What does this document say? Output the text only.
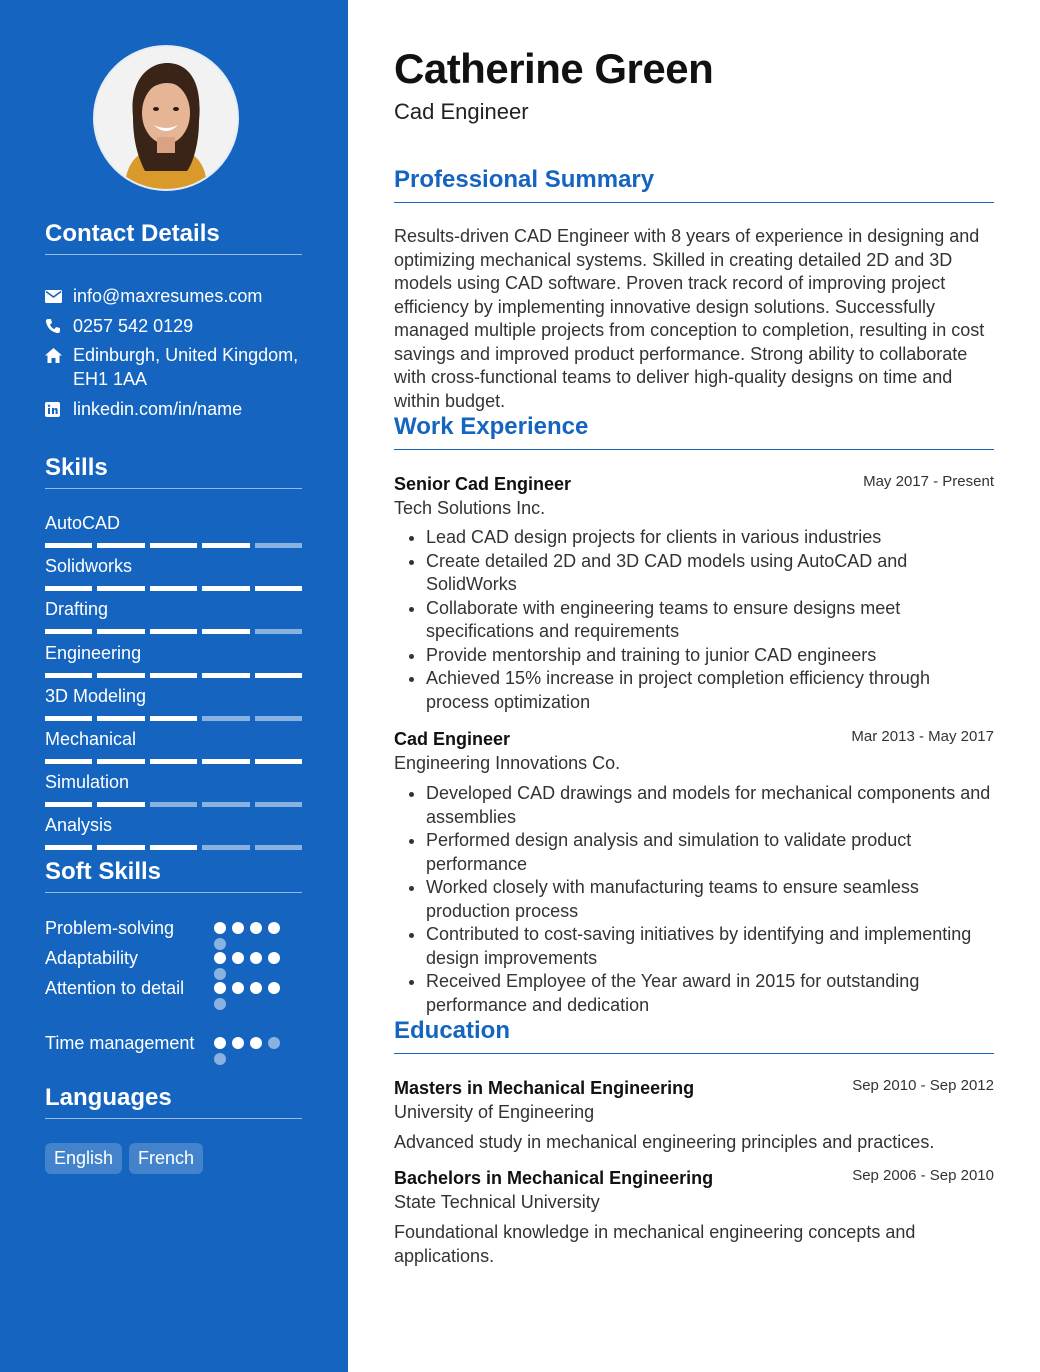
Contact Details
info@maxresumes.com
0257 542 0129
Edinburgh, United Kingdom, EH1 1AA
linkedin.com/in/name
Skills
AutoCAD
Solidworks
Drafting
Engineering
3D Modeling
Mechanical
Simulation
Analysis
Soft Skills
Problem-solving
Adaptability
Attention to detail
Time management
Languages
English	French
Catherine Green
Cad Engineer
Professional Summary
Results-driven CAD Engineer with 8 years of experience in designing and optimizing mechanical systems. Skilled in creating detailed 2D and 3D models using CAD software. Proven track record of improving project efficiency by implementing innovative design solutions. Successfully managed multiple projects from conception to completion, resulting in cost savings and improved product performance. Strong ability to collaborate with cross-functional teams to deliver high-quality designs on time and within budget.
Work Experience
Senior Cad Engineer	May 2017 - Present
Tech Solutions Inc.
• Lead CAD design projects for clients in various industries
• Create detailed 2D and 3D CAD models using AutoCAD and SolidWorks
• Collaborate with engineering teams to ensure designs meet specifications and requirements
• Provide mentorship and training to junior CAD engineers
• Achieved 15% increase in project completion efficiency through process optimization
Cad Engineer	Mar 2013 - May 2017
Engineering Innovations Co.
• Developed CAD drawings and models for mechanical components and assemblies
• Performed design analysis and simulation to validate product performance
• Worked closely with manufacturing teams to ensure seamless production process
• Contributed to cost-saving initiatives by identifying and implementing design improvements
• Received Employee of the Year award in 2015 for outstanding performance and dedication
Education
Masters in Mechanical Engineering	Sep 2010 - Sep 2012
University of Engineering
Advanced study in mechanical engineering principles and practices.
Bachelors in Mechanical Engineering	Sep 2006 - Sep 2010
State Technical University
Foundational knowledge in mechanical engineering concepts and applications.
